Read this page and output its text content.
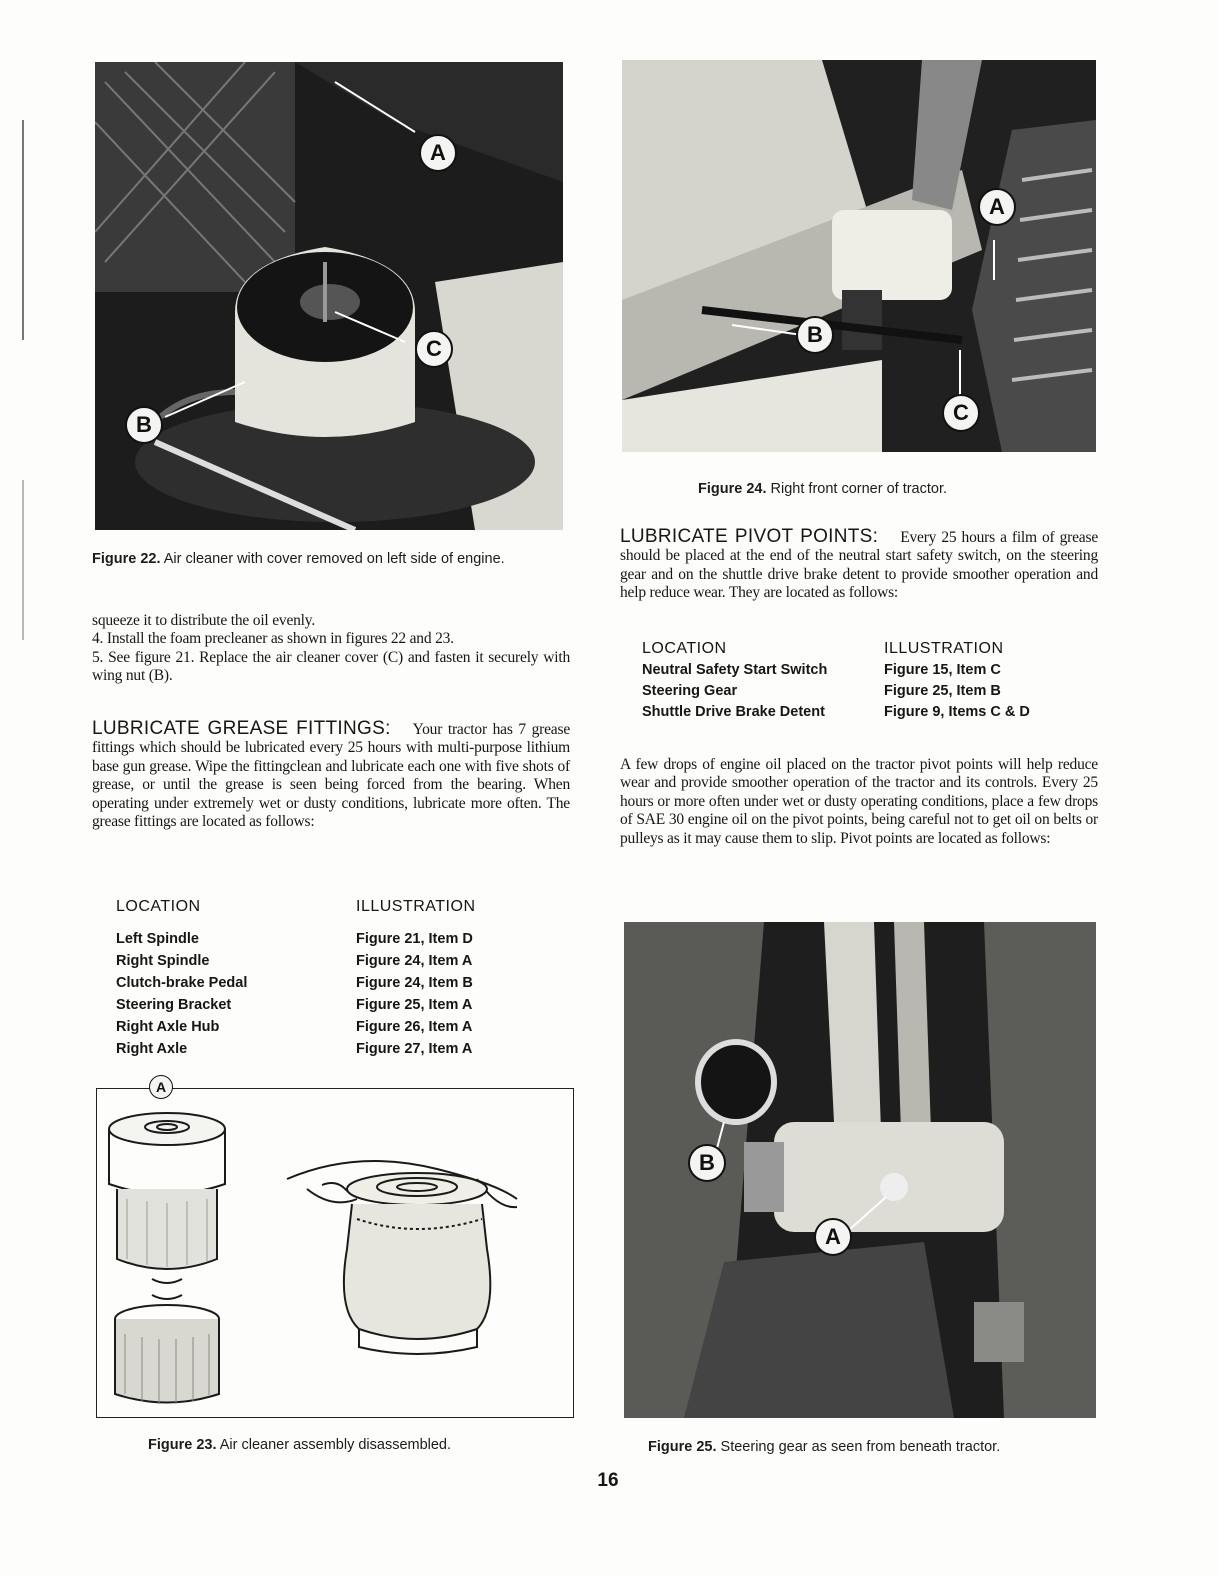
A
C
B
Figure 22. Air cleaner with cover removed on left side of engine.

squeeze it to distribute the oil evenly.

4. Install the foam precleaner as shown in figures 22 and 23.

5. See figure 21. Replace the air cleaner cover (C) and fasten it securely with wing nut (B).

LUBRICATE GREASE FITTINGS: Your tractor has 7 grease fittings which should be lubricated every 25 hours with multi-purpose lithium base gun grease. Wipe the fittingclean and lubricate each one with five shots of grease, or until the grease is seen being forced from the bearing. When operating under extremely wet or dusty conditions, lubricate more often. The grease fittings are located as follows:

LOCATION	ILLUSTRATION
Left Spindle	Figure 21, Item D
Right Spindle	Figure 24, Item A
Clutch-brake Pedal	Figure 24, Item B
Steering Bracket	Figure 25, Item A
Right Axle Hub	Figure 26, Item A
Right Axle	Figure 27, Item A
A
Figure 23. Air cleaner assembly disassembled.
A
B
C
Figure 24. Right front corner of tractor.

LUBRICATE PIVOT POINTS: Every 25 hours a film of grease should be placed at the end of the neutral start safety switch, on the steering gear and on the shuttle drive brake detent to provide smoother operation and help reduce wear. They are located as follows:

LOCATION	ILLUSTRATION
Neutral Safety Start Switch	Figure 15, Item C
Steering Gear	Figure 25, Item B
Shuttle Drive Brake Detent	Figure 9, Items C & D

A few drops of engine oil placed on the tractor pivot points will help reduce wear and provide smoother operation of the tractor and its controls. Every 25 hours or more often under wet or dusty operating conditions, place a few drops of SAE 30 engine oil on the pivot points, being careful not to get oil on belts or pulleys as it may cause them to slip. Pivot points are located as follows:

B
A
Figure 25. Steering gear as seen from beneath tractor.
16
